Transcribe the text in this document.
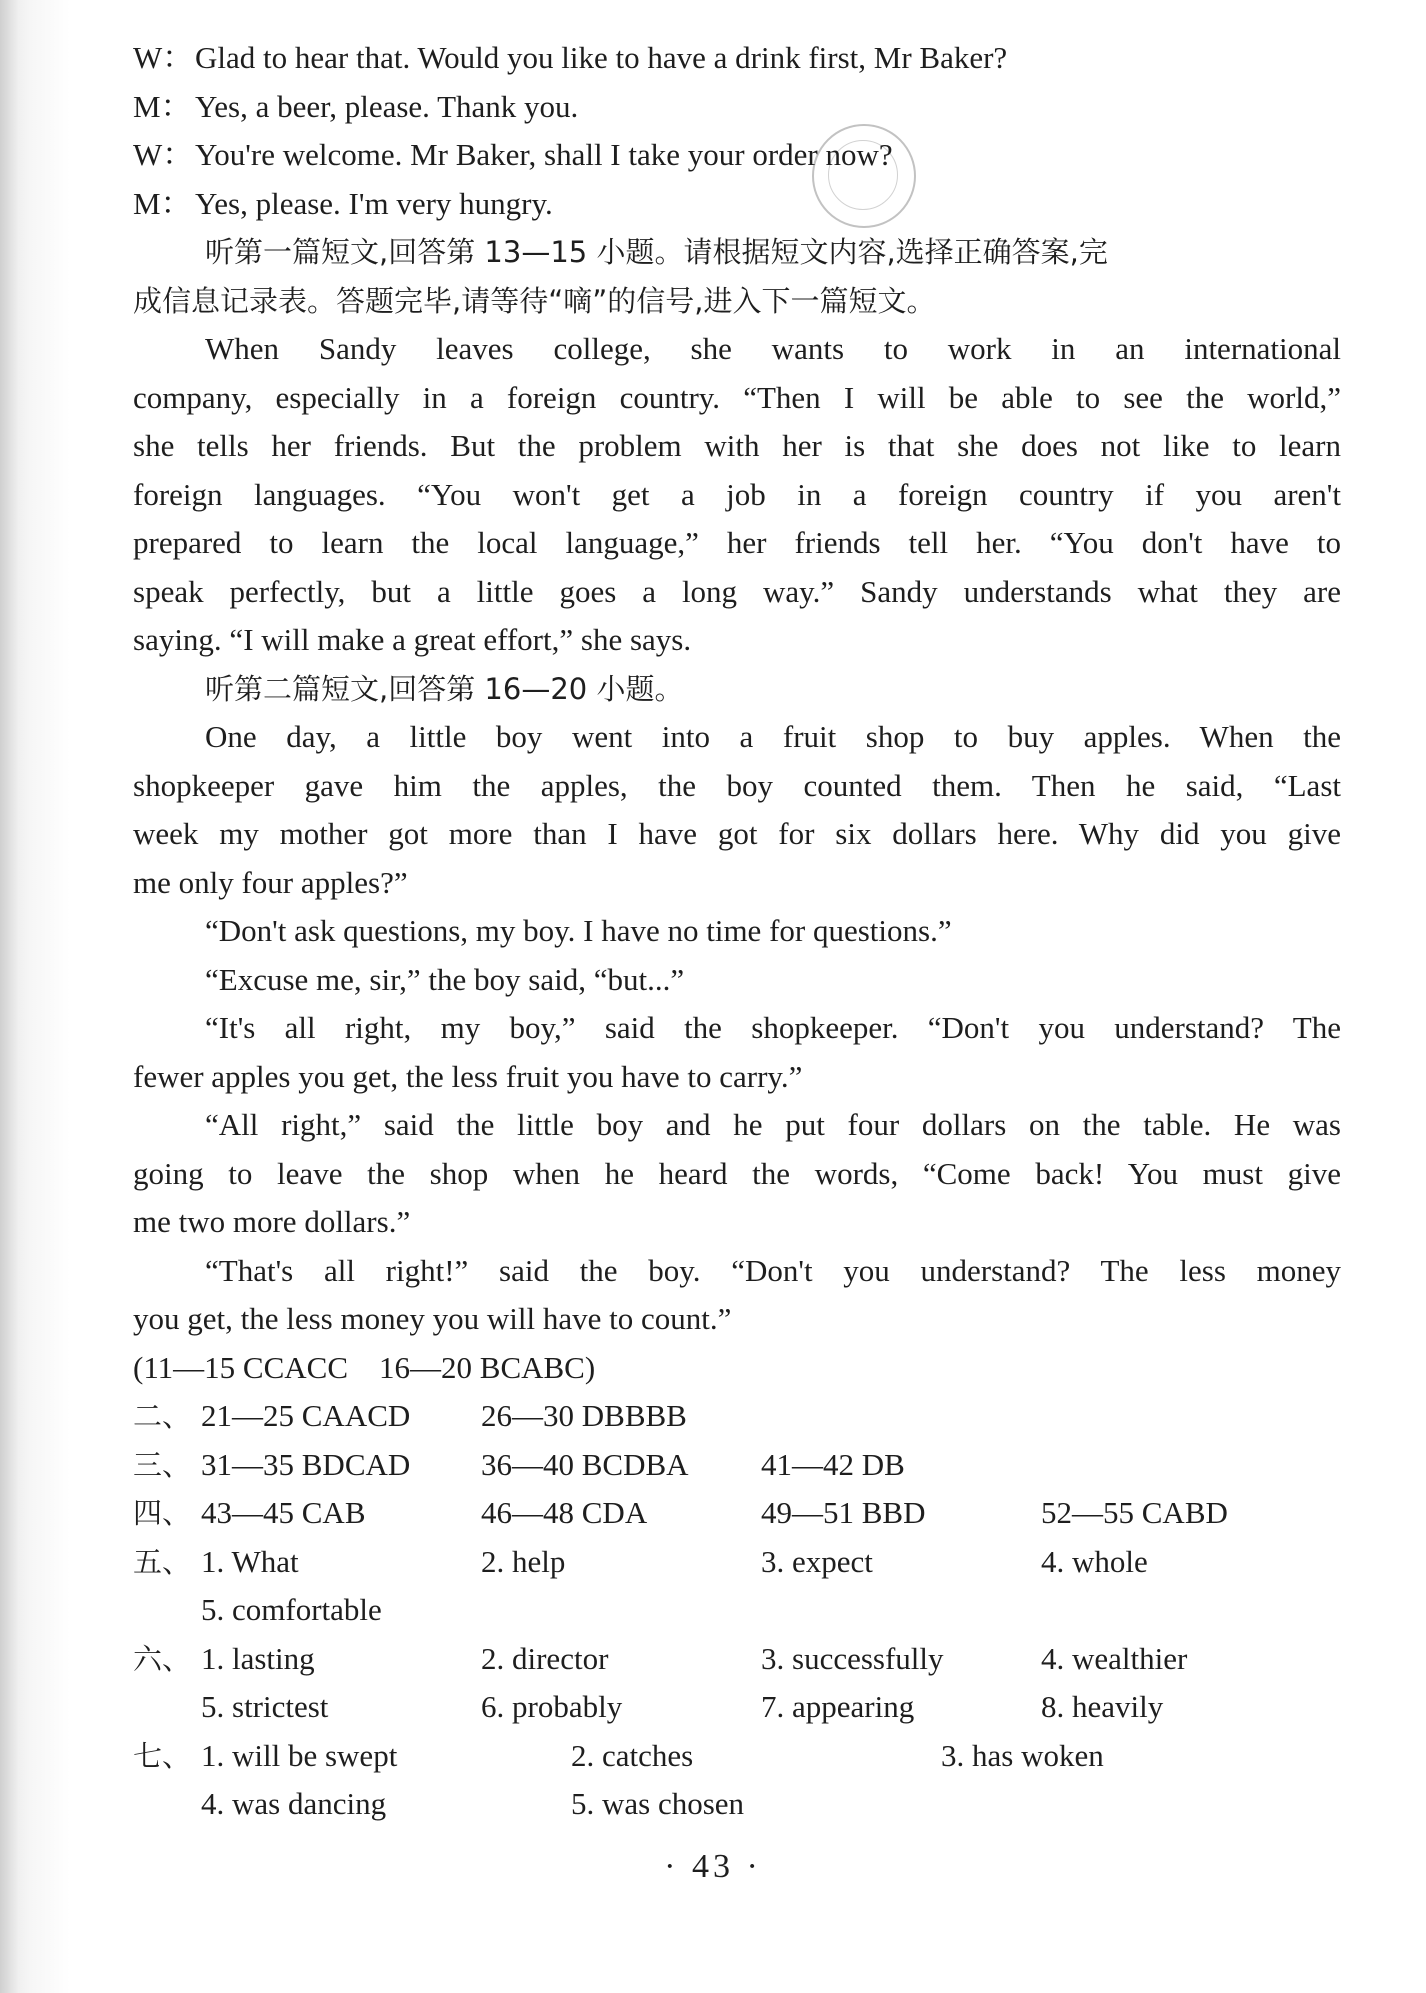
W：Glad to hear that. Would you like to have a drink first, Mr Baker?
M： Yes, a beer, please. Thank you.
W：You're welcome. Mr Baker, shall I take your order now?
M： Yes, please. I'm very hungry.
听第一篇短文,回答第 13—15 小题。请根据短文内容,选择正确答案,完
成信息记录表。答题完毕,请等待“嘀”的信号,进入下一篇短文。
When Sandy leaves college, she wants to work in an international
company, especially in a foreign country. “Then I will be able to see the world,”
she tells her friends. But the problem with her is that she does not like to learn
foreign languages. “You won't get a job in a foreign country if you aren't
prepared to learn the local language,” her friends tell her. “You don't have to
speak perfectly, but a little goes a long way.” Sandy understands what they are
saying. “I will make a great effort,” she says.
听第二篇短文,回答第 16—20 小题。
One day, a little boy went into a fruit shop to buy apples. When the
shopkeeper gave him the apples, the boy counted them. Then he said, “Last
week my mother got more than I have got for six dollars here. Why did you give
me only four apples?”
“Don't ask questions, my boy. I have no time for questions.”
“Excuse me, sir,” the boy said, “but...”
“It's all right, my boy,” said the shopkeeper. “Don't you understand? The
fewer apples you get, the less fruit you have to carry.”
“All right,” said the little boy and he put four dollars on the table. He was
going to leave the shop when he heard the words, “Come back! You must give
me two more dollars.”
“That's all right!” said the boy. “Don't you understand? The less money
you get, the less money you will have to count.”
(11—15 CCACC　16—20 BCABC)
二、 21—25 CAACD 26—30 DBBBB
三、 31—35 BDCAD 36—40 BCDBA 41—42 DB
四、 43—45 CAB	46—48 CDA	49—51 BBD	52—55 CABD
五、 1. What	2. help	3. expect	4. whole
5. comfortable
六、 1. lasting	2. director	3. successfully	4. wealthier
5. strictest	6. probably	7. appearing	8. heavily
七、 1. will be swept	2. catches	3. has woken
4. was dancing	5. was chosen
· 43 ·
